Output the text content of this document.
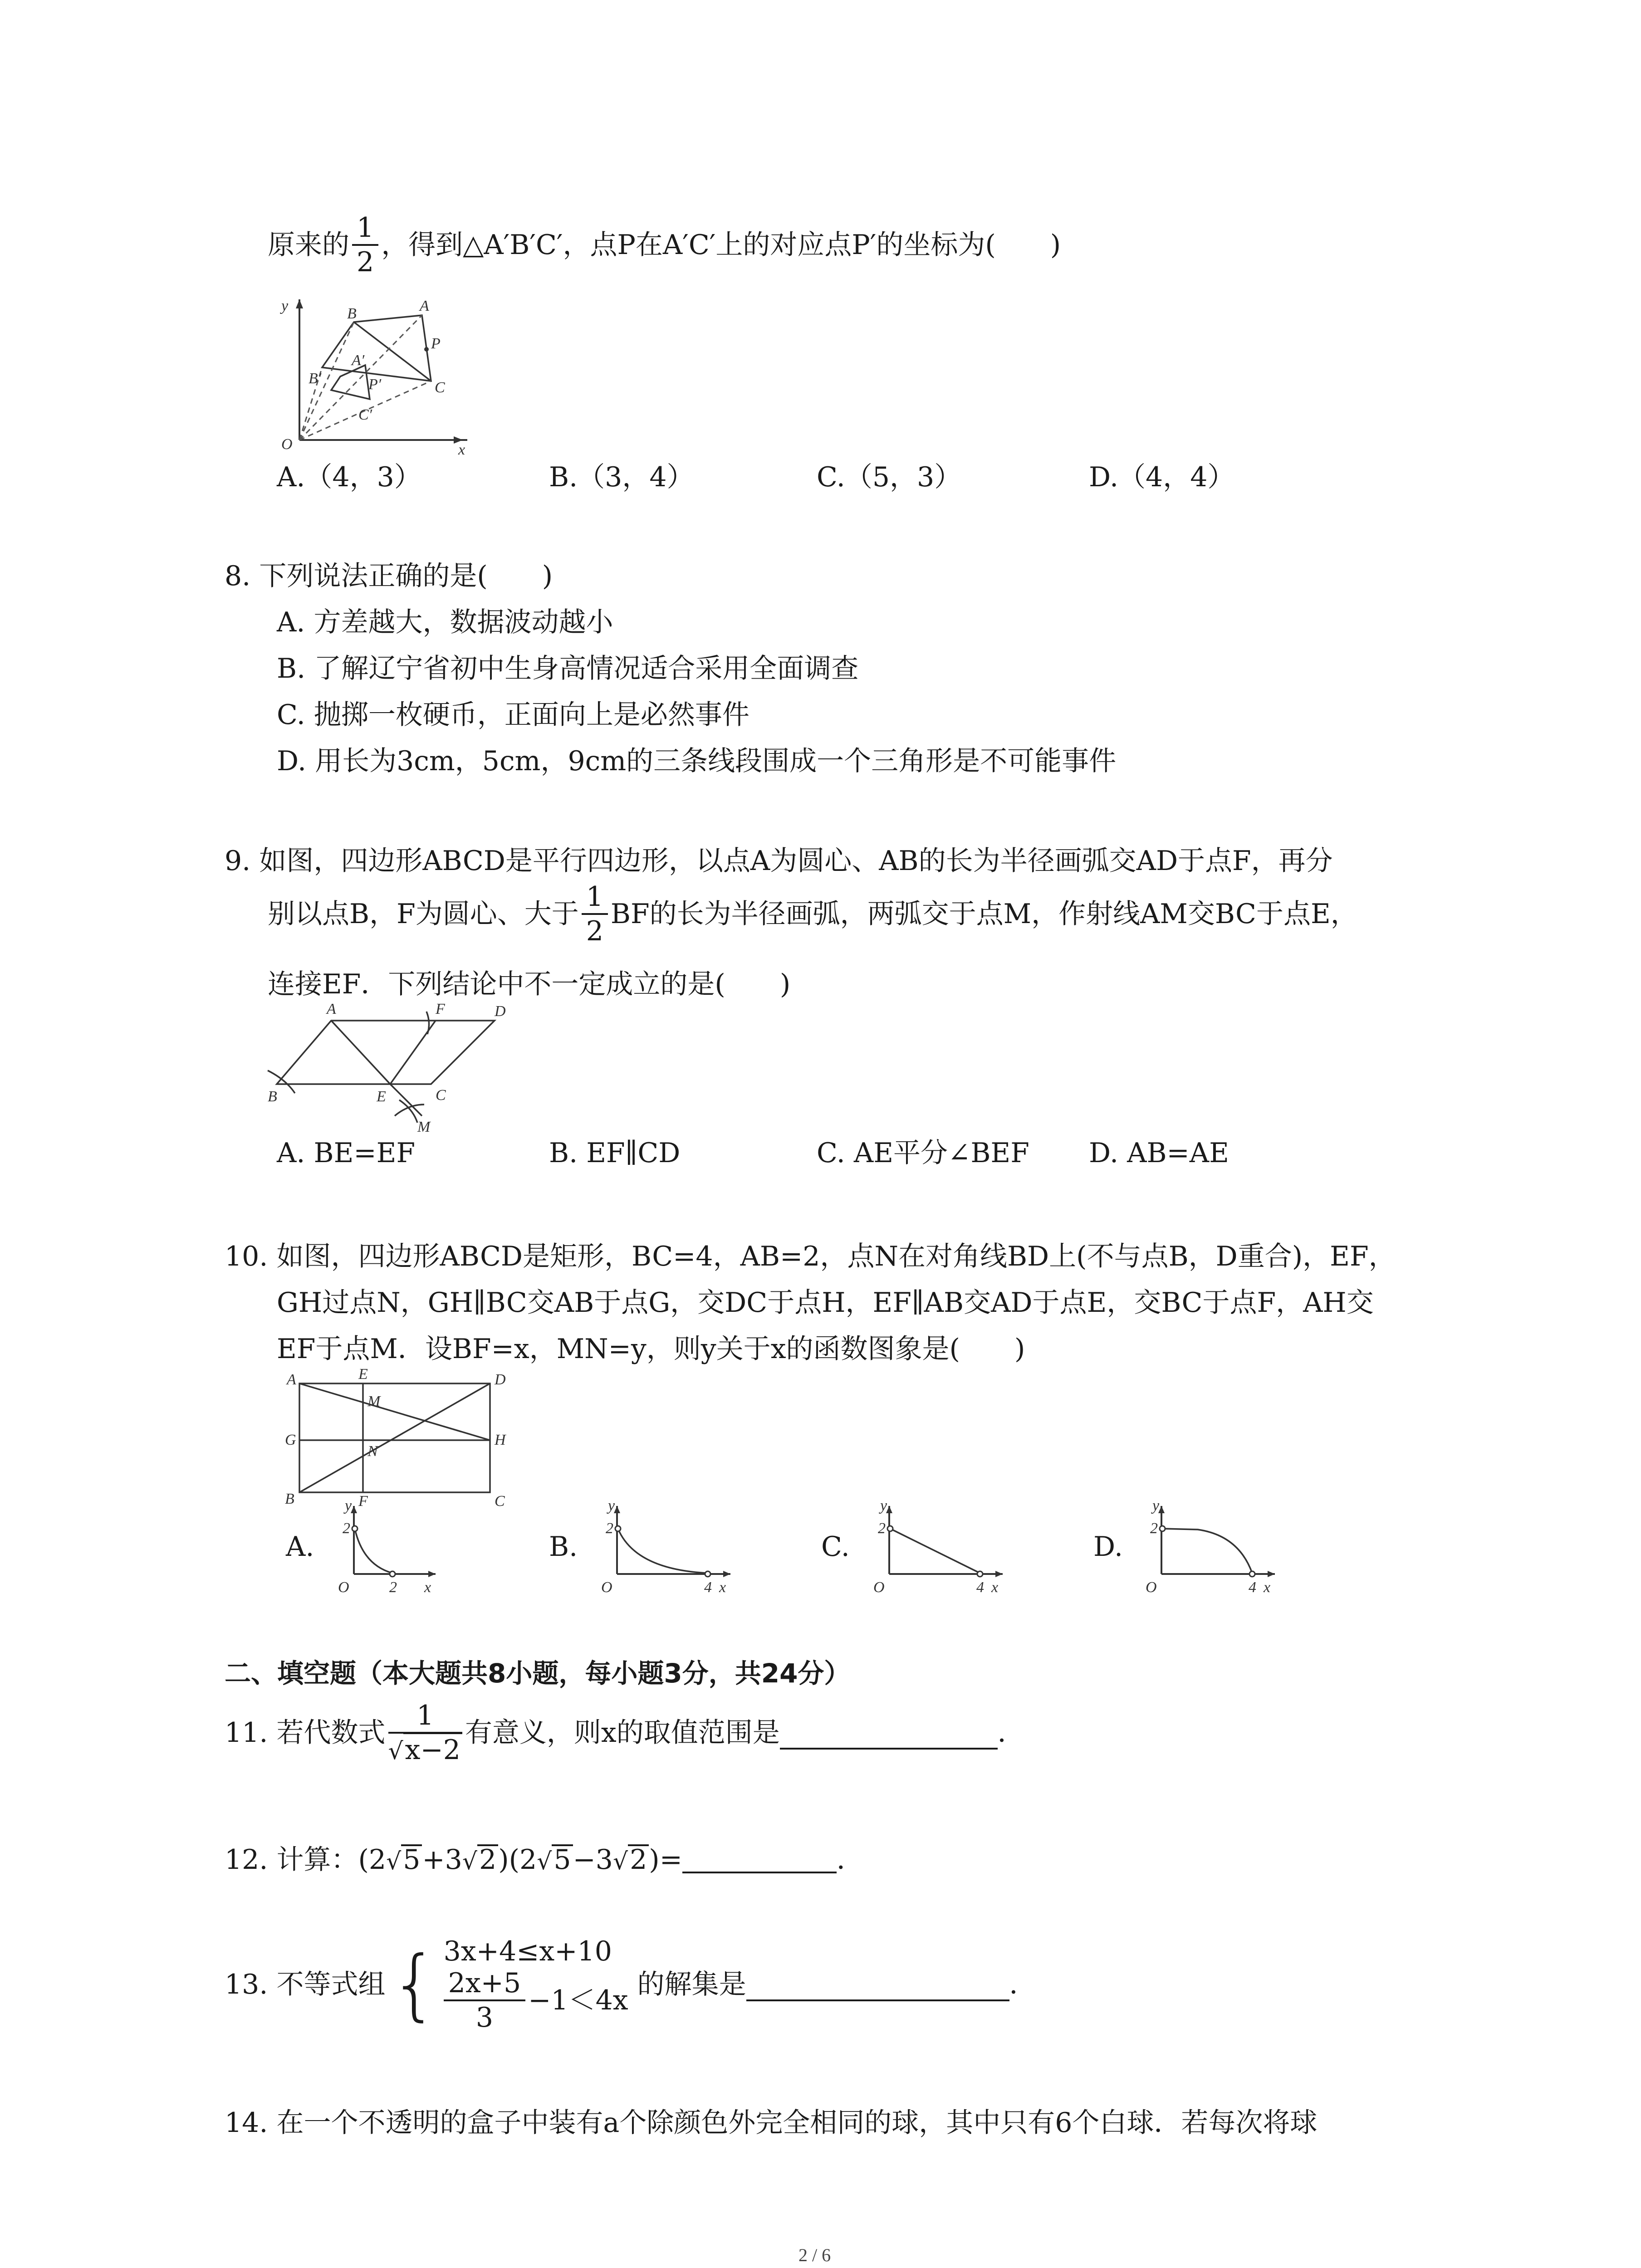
原来的 $\frac{1}{2}$ ，得到△A′B′C′，点P在A′C′上的对应点P′的坐标为(　　)
y
x
O
B	A
P
C
A′
B′	P′
C′
A.（4，3）	B.（3，4）	C.（5，3）	D.（4，4）
8. 下列说法正确的是(　　)
A. 方差越大，数据波动越小
B. 了解辽宁省初中生身高情况适合采用全面调查
C. 抛掷一枚硬币，正面向上是必然事件
D. 用长为3cm，5cm，9cm的三条线段围成一个三角形是不可能事件
9. 如图，四边形ABCD是平行四边形，以点A为圆心、AB的长为半径画弧交AD于点F，再分
别以点B，F为圆心、大于 $\frac{1}{2}$ BF的长为半径画弧，两弧交于点M，作射线AM交BC于点E，
连接EF．下列结论中不一定成立的是(　　)
A	F	D
B	E	C
M
A. BE=EF	B. EF∥CD	C. AE平分∠BEF D. AB=AE
10. 如图，四边形ABCD是矩形，BC=4，AB=2，点N在对角线BD上(不与点B，D重合)，EF，
GH过点N，GH∥BC交AB于点G，交DC于点H，EF∥AB交AD于点E，交BC于点F，AH交
EF于点M．设BF=x，MN=y，则y关于x的函数图象是(　　)
A	E	D
M
G
N
H
B	F	C
A.
y
O
2
2 x
B.
y
O
2
4 x
C.
y
O
2
4 x
D.
y
O
2
4 x
二、填空题（本大题共8小题，每小题3分，共24分）
11. 若代数式 $\frac{1}{√x-2}$ 有意义，则x的取值范围是	．
12. 计算：(2 √ 5 +3 √ 2 )(2 √ 5 −3 √ 2 )=	．
13. 不等式组 { 3x+4≤x+10
$\frac{2x+5}{3} -1<4x$ 的解集是	．
14. 在一个不透明的盒子中装有a个除颜色外完全相同的球，其中只有6个白球．若每次将球
2 / 6
